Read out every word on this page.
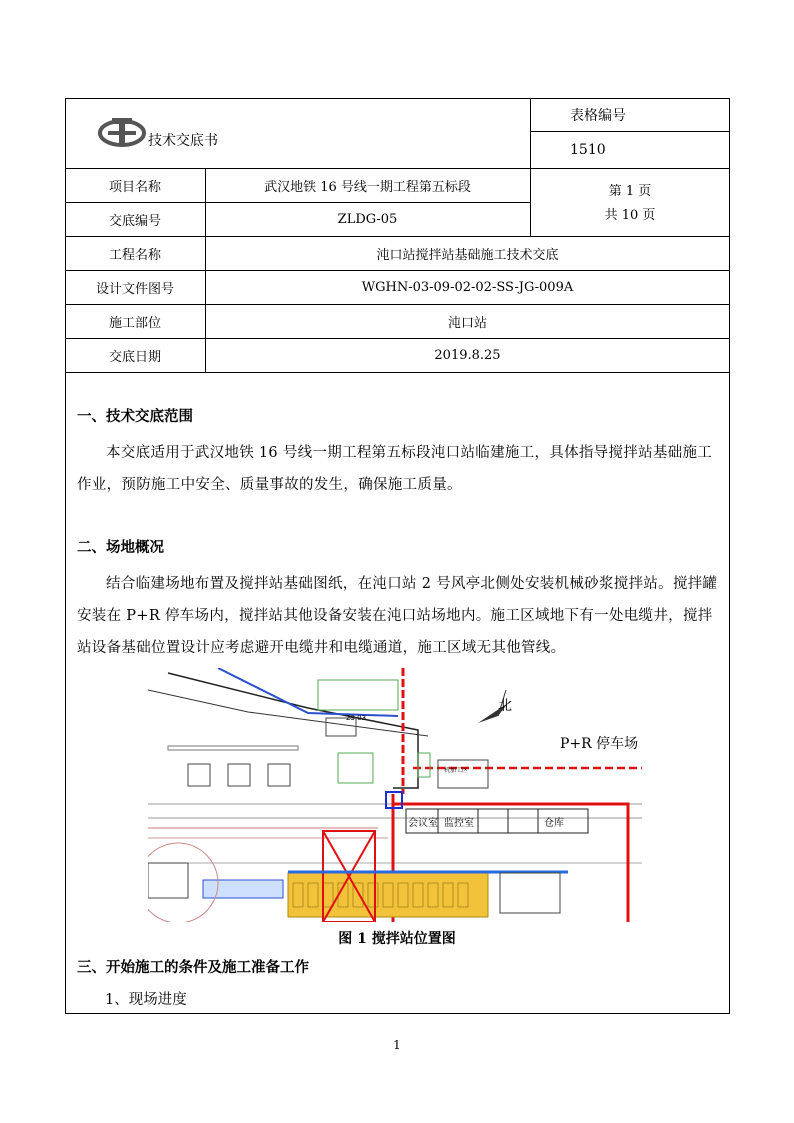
技术交底书
表格编号
1510
项目名称	武汉地铁 16 号线一期工程第五标段
交底编号	ZLDG-05
第 1 页
共 10 页
工程名称	沌口站搅拌站基础施工技术交底
设计文件图号	WGHN-03-09-02-02-SS-JG-009A
施工部位	沌口站
交底日期	2019.8.25
一、技术交底范围

本交底适用于武汉地铁 16 号线一期工程第五标段沌口站临建施工，具体指导搅拌站基础施工作业，预防施工中安全、质量事故的发生，确保施工质量。

二、场地概况

结合临建场地布置及搅拌站基础图纸，在沌口站 2 号风亭北侧处安装机械砂浆搅拌站。搅拌罐安装在 P+R 停车场内，搅拌站其他设备安装在沌口站场地内。施工区域地下有一处电缆井，搅拌站设备基础位置设计应考虑避开电缆井和电缆通道，施工区域无其他管线。

北
P+R 停车场
会议室 监控室	仓库
23.03
机加工区
图 1 搅拌站位置图
三、开始施工的条件及施工准备工作
1、现场进度
1
